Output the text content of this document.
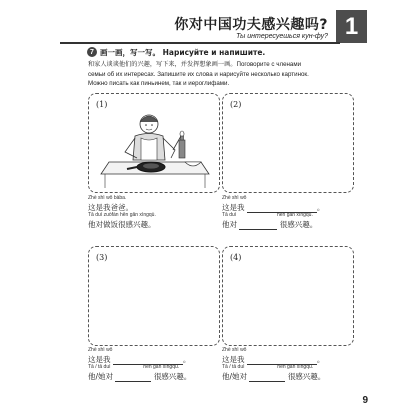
你对中国功夫感兴趣吗?
Ты интересуешься кун-фу? 1
7 画一画，写一写。 Нарисуйте и напишите.
和家人谈谈他们的兴趣，写下来，并发挥想象画一画。Поговорите с членами
семьи об их интересах. Запишите их слова и нарисуйте несколько картинок.
Можно писать как пиньинем, так и иероглифами.
(1)	(2)
(3)	(4)
Zhè shì wǒ bàba.
这是我爸爸。
Tā duì zuòfàn hěn gǎn xìngqù.
他对做饭很感兴趣。
Zhè shì wǒ
这是我	。
Tā duì	hěn gǎn xìngqù.
他对	很感兴趣。
Zhè shì wǒ
这是我	。
Tā / tā duì	hěn gǎn xìngqù.
他/她对	很感兴趣。
Zhè shì wǒ
这是我	。
Tā / tā duì	hěn gǎn xìngqù.
他/她对	很感兴趣。
9
